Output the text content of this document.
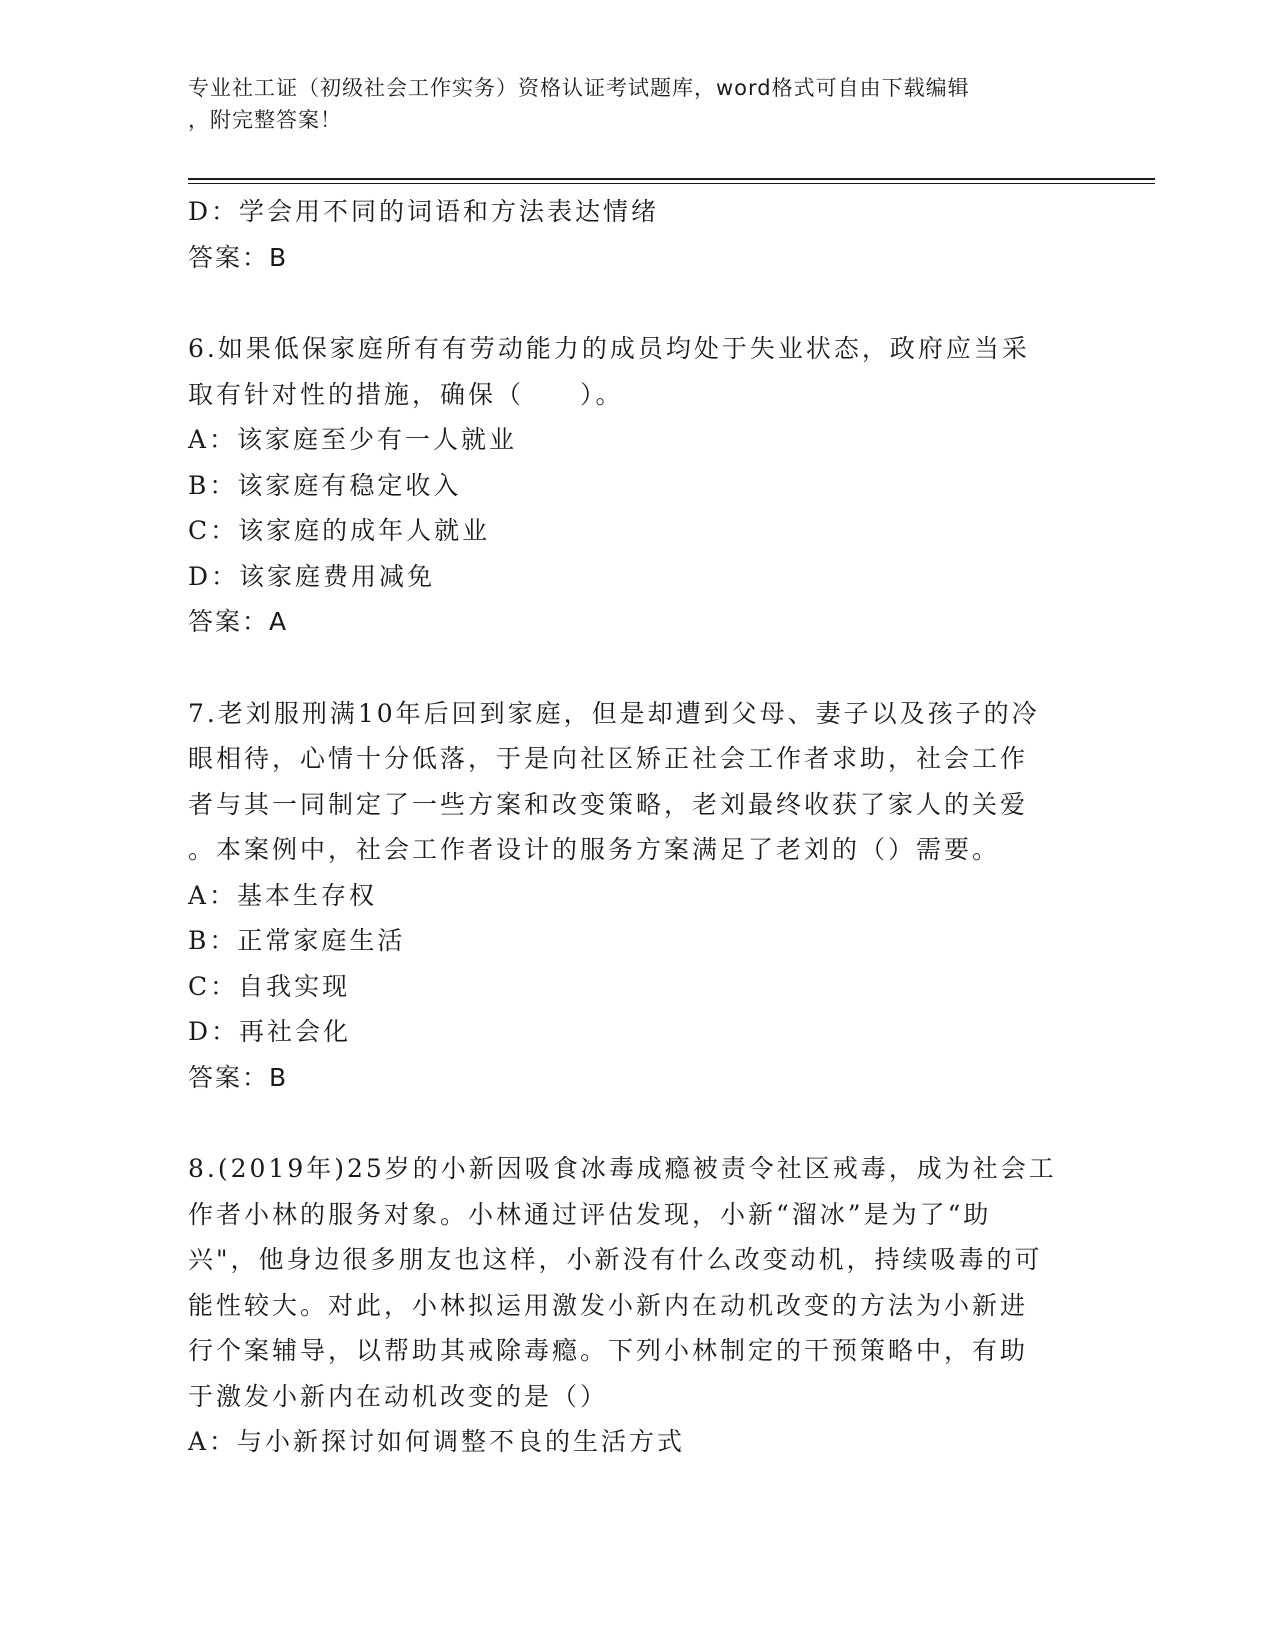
专业社工证（初级社会工作实务）资格认证考试题库，word格式可自由下载编辑
，附完整答案！
D：学会用不同的词语和方法表达情绪
答案：B
6.如果低保家庭所有有劳动能力的成员均处于失业状态，政府应当采
取有针对性的措施，确保（　　）。
A：该家庭至少有一人就业
B：该家庭有稳定收入
C：该家庭的成年人就业
D：该家庭费用减免
答案：A
7.老刘服刑满10年后回到家庭，但是却遭到父母、妻子以及孩子的冷
眼相待，心情十分低落，于是向社区矫正社会工作者求助，社会工作
者与其一同制定了一些方案和改变策略，老刘最终收获了家人的关爱
。本案例中，社会工作者设计的服务方案满足了老刘的（）需要。
A：基本生存权
B：正常家庭生活
C：自我实现
D：再社会化
答案：B
8.(2019年)25岁的小新因吸食冰毒成瘾被责令社区戒毒，成为社会工
作者小林的服务对象。小林通过评估发现，小新“溜冰”是为了“助
兴"，他身边很多朋友也这样，小新没有什么改变动机，持续吸毒的可
能性较大。对此，小林拟运用激发小新内在动机改变的方法为小新进
行个案辅导，以帮助其戒除毒瘾。下列小林制定的干预策略中，有助
于激发小新内在动机改变的是（）
A：与小新探讨如何调整不良的生活方式
